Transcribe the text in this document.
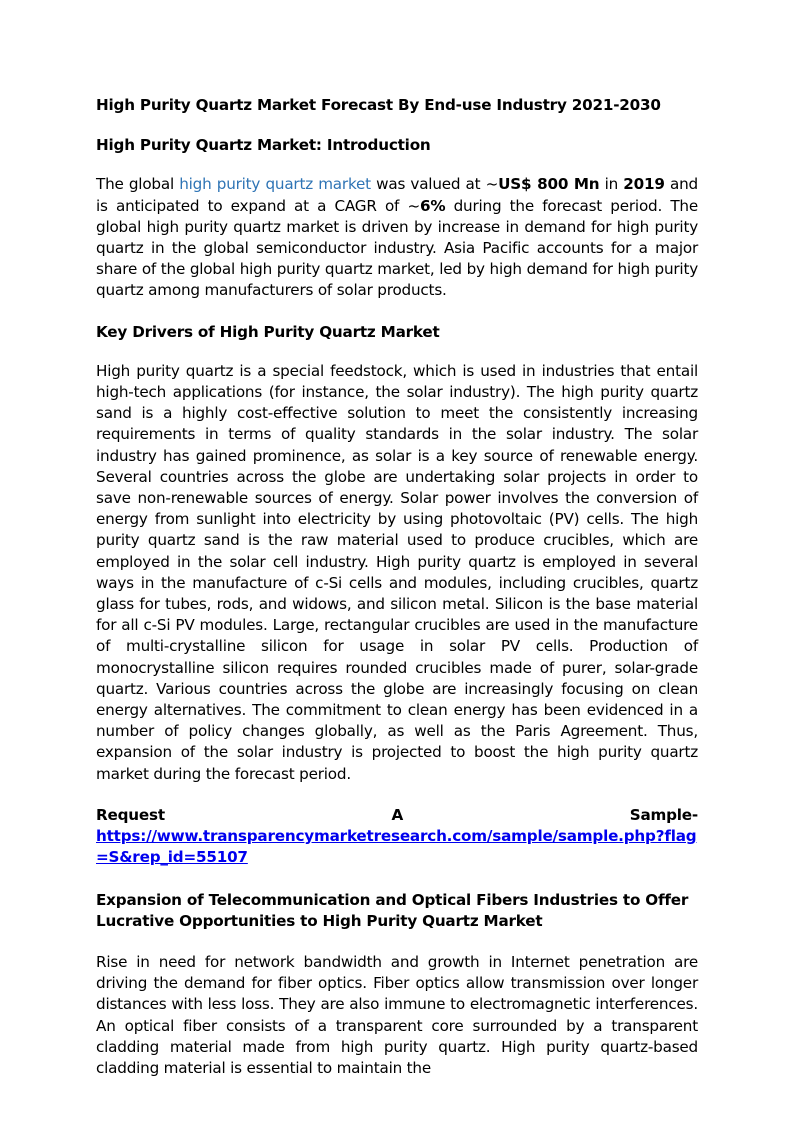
High Purity Quartz Market Forecast By End-use Industry 2021-2030

High Purity Quartz Market: Introduction

The global high purity quartz market was valued at ~US$ 800 Mn in 2019 and is anticipated to expand at a CAGR of ~6% during the forecast period. The global high purity quartz market is driven by increase in demand for high purity quartz in the global semiconductor industry. Asia Pacific accounts for a major share of the global high purity quartz market, led by high demand for high purity quartz among manufacturers of solar products.

Key Drivers of High Purity Quartz Market

High purity quartz is a special feedstock, which is used in industries that entail high-tech applications (for instance, the solar industry). The high purity quartz sand is a highly cost-effective solution to meet the consistently increasing requirements in terms of quality standards in the solar industry. The solar industry has gained prominence, as solar is a key source of renewable energy. Several countries across the globe are undertaking solar projects in order to save non-renewable sources of energy. Solar power involves the conversion of energy from sunlight into electricity by using photovoltaic (PV) cells. The high purity quartz sand is the raw material used to produce crucibles, which are employed in the solar cell industry. High purity quartz is employed in several ways in the manufacture of c-Si cells and modules, including crucibles, quartz glass for tubes, rods, and widows, and silicon metal. Silicon is the base material for all c-Si PV modules. Large, rectangular crucibles are used in the manufacture of multi-crystalline silicon for usage in solar PV cells. Production of monocrystalline silicon requires rounded crucibles made of purer, solar-grade quartz. Various countries across the globe are increasingly focusing on clean energy alternatives. The commitment to clean energy has been evidenced in a number of policy changes globally, as well as the Paris Agreement. Thus, expansion of the solar industry is projected to boost the high purity quartz market during the forecast period.

Request	A	Sample-
https://www.transparencymarketresearch.com/sample/sample.php?flag=S&rep_id=55107

Expansion of Telecommunication and Optical Fibers Industries to Offer Lucrative Opportunities to High Purity Quartz Market

Rise in need for network bandwidth and growth in Internet penetration are driving the demand for fiber optics. Fiber optics allow transmission over longer distances with less loss. They are also immune to electromagnetic interferences. An optical fiber consists of a transparent core surrounded by a transparent cladding material made from high purity quartz. High purity quartz-based cladding material is essential to maintain the
